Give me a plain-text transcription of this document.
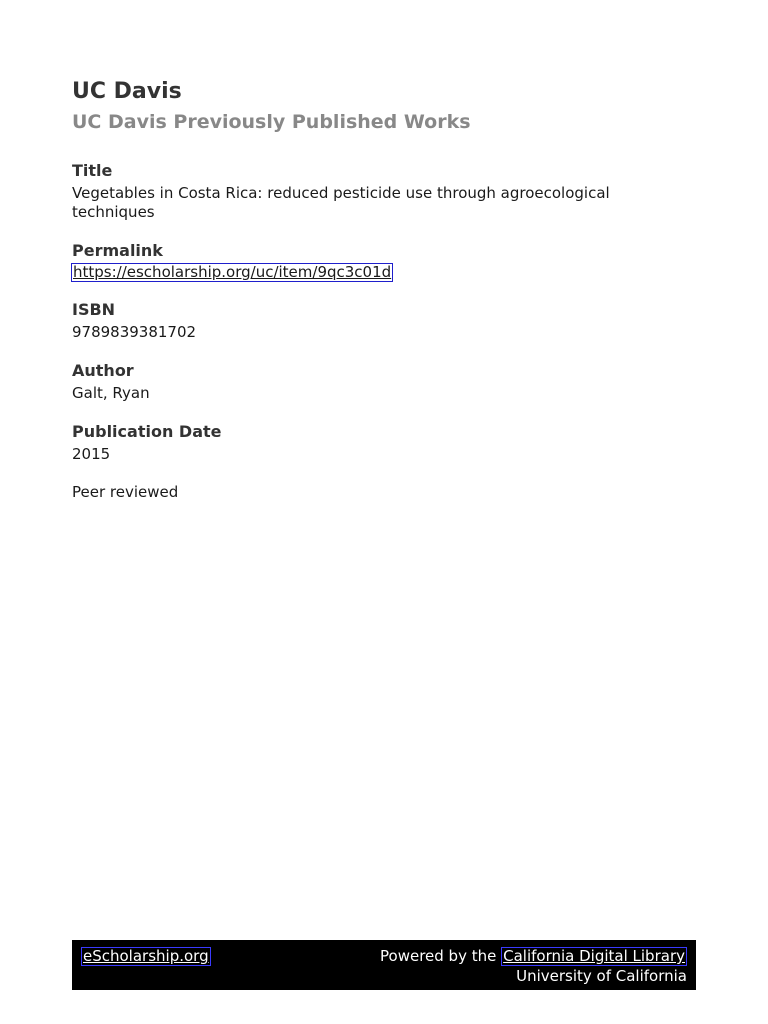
UC Davis
UC Davis Previously Published Works
Title
Vegetables in Costa Rica: reduced pesticide use through agroecological techniques
Permalink
https://escholarship.org/uc/item/9qc3c01d
ISBN
9789839381702
Author
Galt, Ryan
Publication Date
2015
Peer reviewed
eScholarship.org	Powered by the California Digital Library
University of California
